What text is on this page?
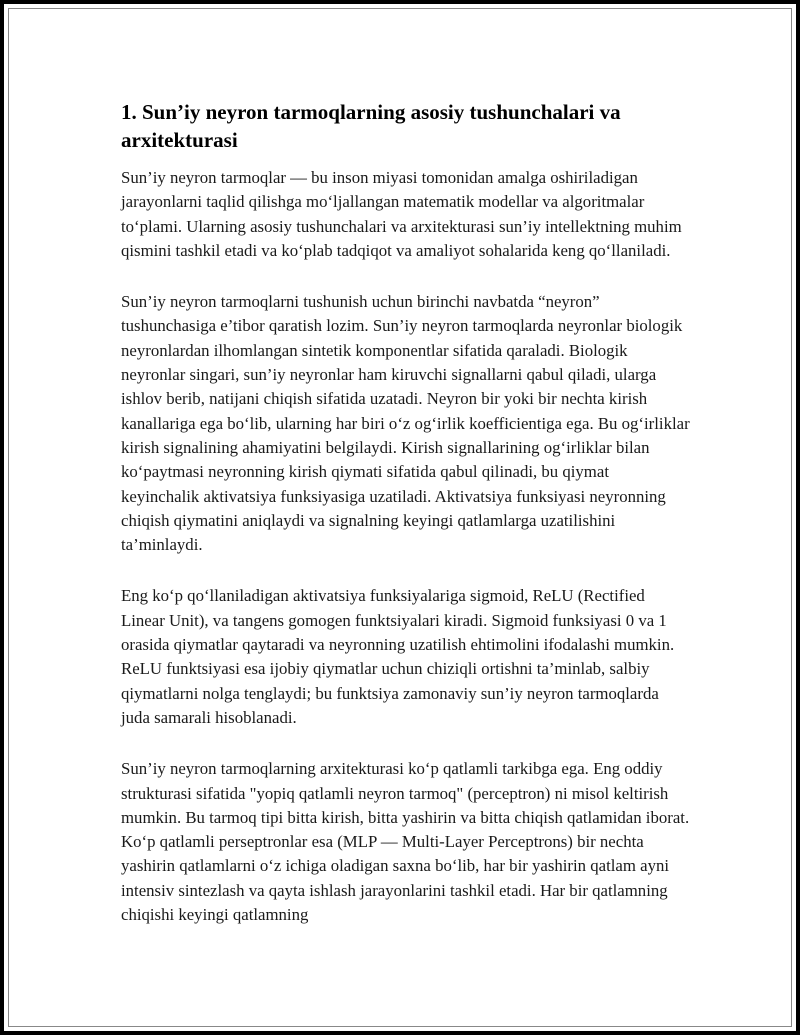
1. Sun’iy neyron tarmoqlarning asosiy tushunchalari va arxitekturasi

Sun’iy neyron tarmoqlar — bu inson miyasi tomonidan amalga oshiriladigan jarayonlarni taqlid qilishga mo‘ljallangan matematik modellar va algoritmalar to‘plami. Ularning asosiy tushunchalari va arxitekturasi sun’iy intellektning muhim qismini tashkil etadi va ko‘plab tadqiqot va amaliyot sohalarida keng qo‘llaniladi.

Sun’iy neyron tarmoqlarni tushunish uchun birinchi navbatda “neyron” tushunchasiga e’tibor qaratish lozim. Sun’iy neyron tarmoqlarda neyronlar biologik neyronlardan ilhomlangan sintetik komponentlar sifatida qaraladi. Biologik neyronlar singari, sun’iy neyronlar ham kiruvchi signallarni qabul qiladi, ularga ishlov berib, natijani chiqish sifatida uzatadi. Neyron bir yoki bir nechta kirish kanallariga ega bo‘lib, ularning har biri o‘z og‘irlik koefficientiga ega. Bu og‘irliklar kirish signalining ahamiyatini belgilaydi. Kirish signallarining og‘irliklar bilan ko‘paytmasi neyronning kirish qiymati sifatida qabul qilinadi, bu qiymat keyinchalik aktivatsiya funksiyasiga uzatiladi. Aktivatsiya funksiyasi neyronning chiqish qiymatini aniqlaydi va signalning keyingi qatlamlarga uzatilishini ta’minlaydi.

Eng ko‘p qo‘llaniladigan aktivatsiya funksiyalariga sigmoid, ReLU (Rectified Linear Unit), va tangens gomogen funktsiyalari kiradi. Sigmoid funksiyasi 0 va 1 orasida qiymatlar qaytaradi va neyronning uzatilish ehtimolini ifodalashi mumkin. ReLU funktsiyasi esa ijobiy qiymatlar uchun chiziqli ortishni ta’minlab, salbiy qiymatlarni nolga tenglaydi; bu funktsiya zamonaviy sun’iy neyron tarmoqlarda juda samarali hisoblanadi.

Sun’iy neyron tarmoqlarning arxitekturasi ko‘p qatlamli tarkibga ega. Eng oddiy strukturasi sifatida "yopiq qatlamli neyron tarmoq" (perceptron) ni misol keltirish mumkin. Bu tarmoq tipi bitta kirish, bitta yashirin va bitta chiqish qatlamidan iborat. Ko‘p qatlamli perseptronlar esa (MLP — Multi-Layer Perceptrons) bir nechta yashirin qatlamlarni o‘z ichiga oladigan saxna bo‘lib, har bir yashirin qatlam ayni intensiv sintezlash va qayta ishlash jarayonlarini tashkil etadi. Har bir qatlamning chiqishi keyingi qatlamning
